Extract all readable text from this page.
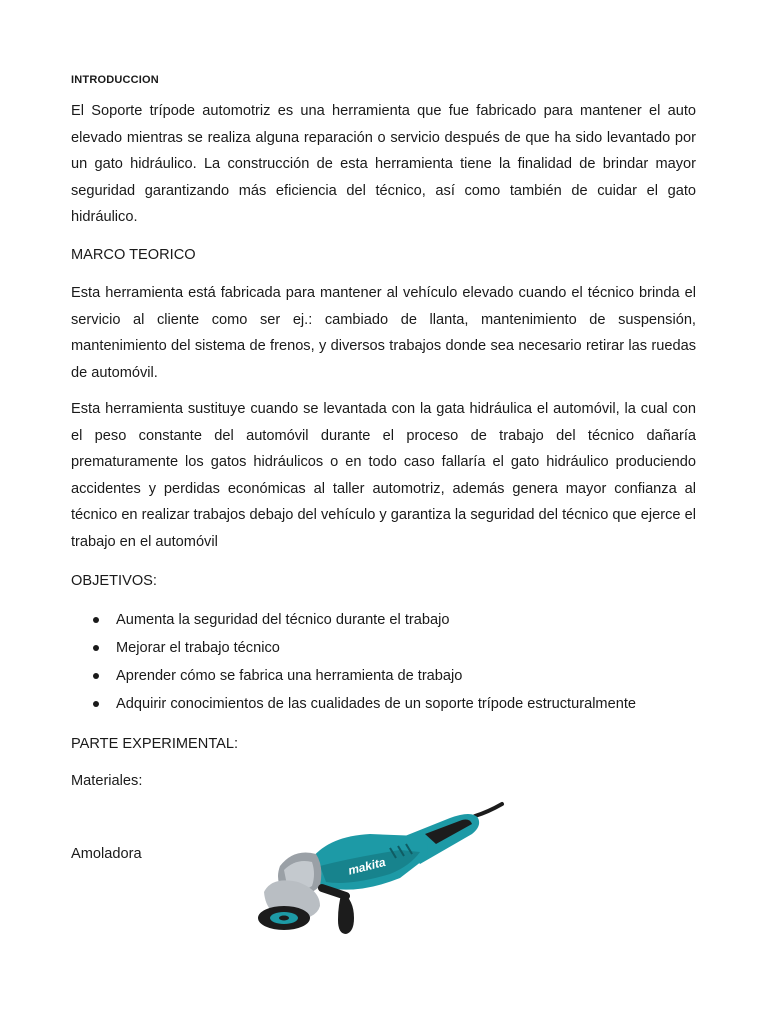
INTRODUCCION

El Soporte trípode automotriz es una herramienta que fue fabricado para mantener el auto elevado mientras se realiza alguna reparación o servicio después de que ha sido levantado por un gato hidráulico. La construcción de esta herramienta tiene la finalidad de brindar mayor seguridad garantizando más eficiencia del técnico, así como también de cuidar el gato hidráulico.

MARCO TEORICO

Esta herramienta está fabricada para mantener al vehículo elevado cuando el técnico brinda el servicio al cliente como ser ej.: cambiado de llanta, mantenimiento de suspensión, mantenimiento del sistema de frenos, y diversos trabajos donde sea necesario retirar las ruedas de automóvil.

Esta herramienta sustituye cuando se levantada con la gata hidráulica el automóvil, la cual con el peso constante del automóvil durante el proceso de trabajo del técnico dañaría prematuramente los gatos hidráulicos o en todo caso fallaría el gato hidráulico produciendo accidentes y perdidas económicas al taller automotriz, además genera mayor confianza al técnico en realizar trabajos debajo del vehículo y garantiza la seguridad del técnico que ejerce el trabajo en el automóvil

OBJETIVOS:

Aumenta la seguridad del técnico durante el trabajo
Mejorar el trabajo técnico
Aprender cómo se fabrica una herramienta de trabajo
Adquirir conocimientos de las cualidades de un soporte trípode estructuralmente

PARTE EXPERIMENTAL:

Materiales:

Amoladora

makita
